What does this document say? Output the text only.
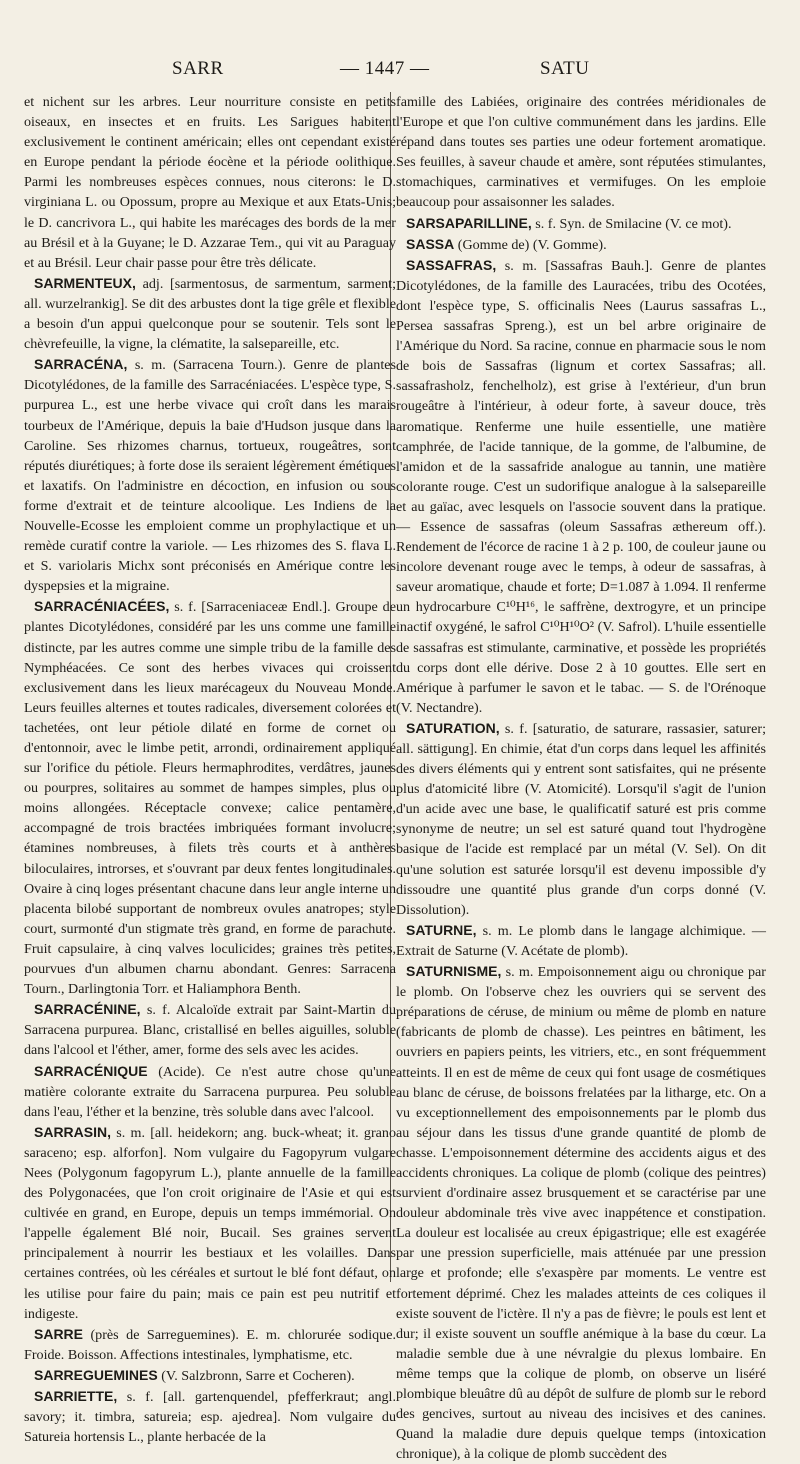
SARR	— 1447 —	SATU

et nichent sur les arbres. Leur nourriture consiste en petits oiseaux, en insectes et en fruits. Les Sarigues habitent exclusivement le continent américain; elles ont cependant existé en Europe pendant la période éocène et la période oolithique. Parmi les nombreuses espèces connues, nous citerons: le D. virginiana L. ou Opossum, propre au Mexique et aux Etats-Unis; le D. cancrivora L., qui habite les marécages des bords de la mer au Brésil et à la Guyane; le D. Azzarae Tem., qui vit au Paraguay et au Brésil. Leur chair passe pour être très délicate.

SARMENTEUX, adj. [sarmentosus, de sarmentum, sarment; all. wurzelrankig]. Se dit des arbustes dont la tige grêle et flexible a besoin d'un appui quelconque pour se soutenir. Tels sont le chèvrefeuille, la vigne, la clématite, la salsepareille, etc.

SARRACÉNA, s. m. (Sarracena Tourn.). Genre de plantes Dicotylédones, de la famille des Sarracéniacées. L'espèce type, S. purpurea L., est une herbe vivace qui croît dans les marais tourbeux de l'Amérique, depuis la baie d'Hudson jusque dans la Caroline. Ses rhizomes charnus, tortueux, rougeâtres, sont réputés diurétiques; à forte dose ils seraient légèrement émétiques et laxatifs. On l'administre en décoction, en infusion ou sous forme d'extrait et de teinture alcoolique. Les Indiens de la Nouvelle-Ecosse les emploient comme un prophylactique et un remède curatif contre la variole. — Les rhizomes des S. flava L. et S. variolaris Michx sont préconisés en Amérique contre les dyspepsies et la migraine.

SARRACÉNIACÉES, s. f. [Sarraceniaceæ Endl.]. Groupe de plantes Dicotylédones, considéré par les uns comme une famille distincte, par les autres comme une simple tribu de la famille des Nymphéacées. Ce sont des herbes vivaces qui croissent exclusivement dans les lieux marécageux du Nouveau Monde. Leurs feuilles alternes et toutes radicales, diversement colorées et tachetées, ont leur pétiole dilaté en forme de cornet ou d'entonnoir, avec le limbe petit, arrondi, ordinairement appliqué sur l'orifice du pétiole. Fleurs hermaphrodites, verdâtres, jaunes ou pourpres, solitaires au sommet de hampes simples, plus ou moins allongées. Réceptacle convexe; calice pentamère, accompagné de trois bractées imbriquées formant involucre; étamines nombreuses, à filets très courts et à anthères biloculaires, introrses, et s'ouvrant par deux fentes longitudinales. Ovaire à cinq loges présentant chacune dans leur angle interne un placenta bilobé supportant de nombreux ovules anatropes; style court, surmonté d'un stigmate très grand, en forme de parachute. Fruit capsulaire, à cinq valves loculicides; graines très petites, pourvues d'un albumen charnu abondant. Genres: Sarracena Tourn., Darlingtonia Torr. et Haliamphora Benth.

SARRACÉNINE, s. f. Alcaloïde extrait par Saint-Martin du Sarracena purpurea. Blanc, cristallisé en belles aiguilles, soluble dans l'alcool et l'éther, amer, forme des sels avec les acides.

SARRACÉNIQUE (Acide). Ce n'est autre chose qu'une matière colorante extraite du Sarracena purpurea. Peu soluble dans l'eau, l'éther et la benzine, très soluble dans avec l'alcool.

SARRASIN, s. m. [all. heidekorn; ang. buck-wheat; it. grano saraceno; esp. alforfon]. Nom vulgaire du Fagopyrum vulgare Nees (Polygonum fagopyrum L.), plante annuelle de la famille des Polygonacées, que l'on croit originaire de l'Asie et qui est cultivée en grand, en Europe, depuis un temps immémorial. On l'appelle également Blé noir, Bucail. Ses graines servent principalement à nourrir les bestiaux et les volailles. Dans certaines contrées, où les céréales et surtout le blé font défaut, on les utilise pour faire du pain; mais ce pain est peu nutritif et indigeste.

SARRE (près de Sarreguemines). E. m. chlorurée sodique. Froide. Boisson. Affections intestinales, lymphatisme, etc.

SARREGUEMINES (V. Salzbronn, Sarre et Cocheren).

SARRIETTE, s. f. [all. gartenquendel, pfefferkraut; angl. savory; it. timbra, satureia; esp. ajedrea]. Nom vulgaire du Satureia hortensis L., plante herbacée de la

famille des Labiées, originaire des contrées méridionales de l'Europe et que l'on cultive communément dans les jardins. Elle répand dans toutes ses parties une odeur fortement aromatique. Ses feuilles, à saveur chaude et amère, sont réputées stimulantes, stomachiques, carminatives et vermifuges. On les emploie beaucoup pour assaisonner les salades.

SARSAPARILLINE, s. f. Syn. de Smilacine (V. ce mot).

SASSA (Gomme de) (V. Gomme).

SASSAFRAS, s. m. [Sassafras Bauh.]. Genre de plantes Dicotylédones, de la famille des Lauracées, tribu des Ocotées, dont l'espèce type, S. officinalis Nees (Laurus sassafras L., Persea sassafras Spreng.), est un bel arbre originaire de l'Amérique du Nord. Sa racine, connue en pharmacie sous le nom de bois de Sassafras (lignum et cortex Sassafras; all. sassafrasholz, fenchelholz), est grise à l'extérieur, d'un brun rougeâtre à l'intérieur, à odeur forte, à saveur douce, très aromatique. Renferme une huile essentielle, une matière camphrée, de l'acide tannique, de la gomme, de l'albumine, de l'amidon et de la sassafride analogue au tannin, une matière colorante rouge. C'est un sudorifique analogue à la salsepareille et au gaïac, avec lesquels on l'associe souvent dans la pratique. — Essence de sassafras (oleum Sassafras æthereum off.). Rendement de l'écorce de racine 1 à 2 p. 100, de couleur jaune ou incolore devenant rouge avec le temps, à odeur de sassafras, à saveur aromatique, chaude et forte; D=1.087 à 1.094. Il renferme un hydrocarbure C¹⁰H¹⁶, le saffrène, dextrogyre, et un principe inactif oxygéné, le safrol C¹⁰H¹⁰O² (V. Safrol). L'huile essentielle de sassafras est stimulante, carminative, et possède les propriétés du corps dont elle dérive. Dose 2 à 10 gouttes. Elle sert en Amérique à parfumer le savon et le tabac. — S. de l'Orénoque (V. Nectandre).

SATURATION, s. f. [saturatio, de saturare, rassasier, saturer; all. sättigung]. En chimie, état d'un corps dans lequel les affinités des divers éléments qui y entrent sont satisfaites, qui ne présente plus d'atomicité libre (V. Atomicité). Lorsqu'il s'agit de l'union d'un acide avec une base, le qualificatif saturé est pris comme synonyme de neutre; un sel est saturé quand tout l'hydrogène basique de l'acide est remplacé par un métal (V. Sel). On dit qu'une solution est saturée lorsqu'il est devenu impossible d'y dissoudre une quantité plus grande d'un corps donné (V. Dissolution).

SATURNE, s. m. Le plomb dans le langage alchimique. — Extrait de Saturne (V. Acétate de plomb).

SATURNISME, s. m. Empoisonnement aigu ou chronique par le plomb. On l'observe chez les ouvriers qui se servent des préparations de céruse, de minium ou même de plomb en nature (fabricants de plomb de chasse). Les peintres en bâtiment, les ouvriers en papiers peints, les vitriers, etc., en sont fréquemment atteints. Il en est de même de ceux qui font usage de cosmétiques au blanc de céruse, de boissons frelatées par la litharge, etc. On a vu exceptionnellement des empoisonnements par le plomb dus au séjour dans les tissus d'une grande quantité de plomb de chasse. L'empoisonnement détermine des accidents aigus et des accidents chroniques. La colique de plomb (colique des peintres) survient d'ordinaire assez brusquement et se caractérise par une douleur abdominale très vive avec inappétence et constipation. La douleur est localisée au creux épigastrique; elle est exagérée par une pression superficielle, mais atténuée par une pression large et profonde; elle s'exaspère par moments. Le ventre est fortement déprimé. Chez les malades atteints de ces coliques il existe souvent de l'ictère. Il n'y a pas de fièvre; le pouls est lent et dur; il existe souvent un souffle anémique à la base du cœur. La maladie semble due à une névralgie du plexus lombaire. En même temps que la colique de plomb, on observe un liséré plombique bleuâtre dû au dépôt de sulfure de plomb sur le rebord des gencives, surtout au niveau des incisives et des canines. Quand la maladie dure depuis quelque temps (intoxication chronique), à la colique de plomb succèdent des
